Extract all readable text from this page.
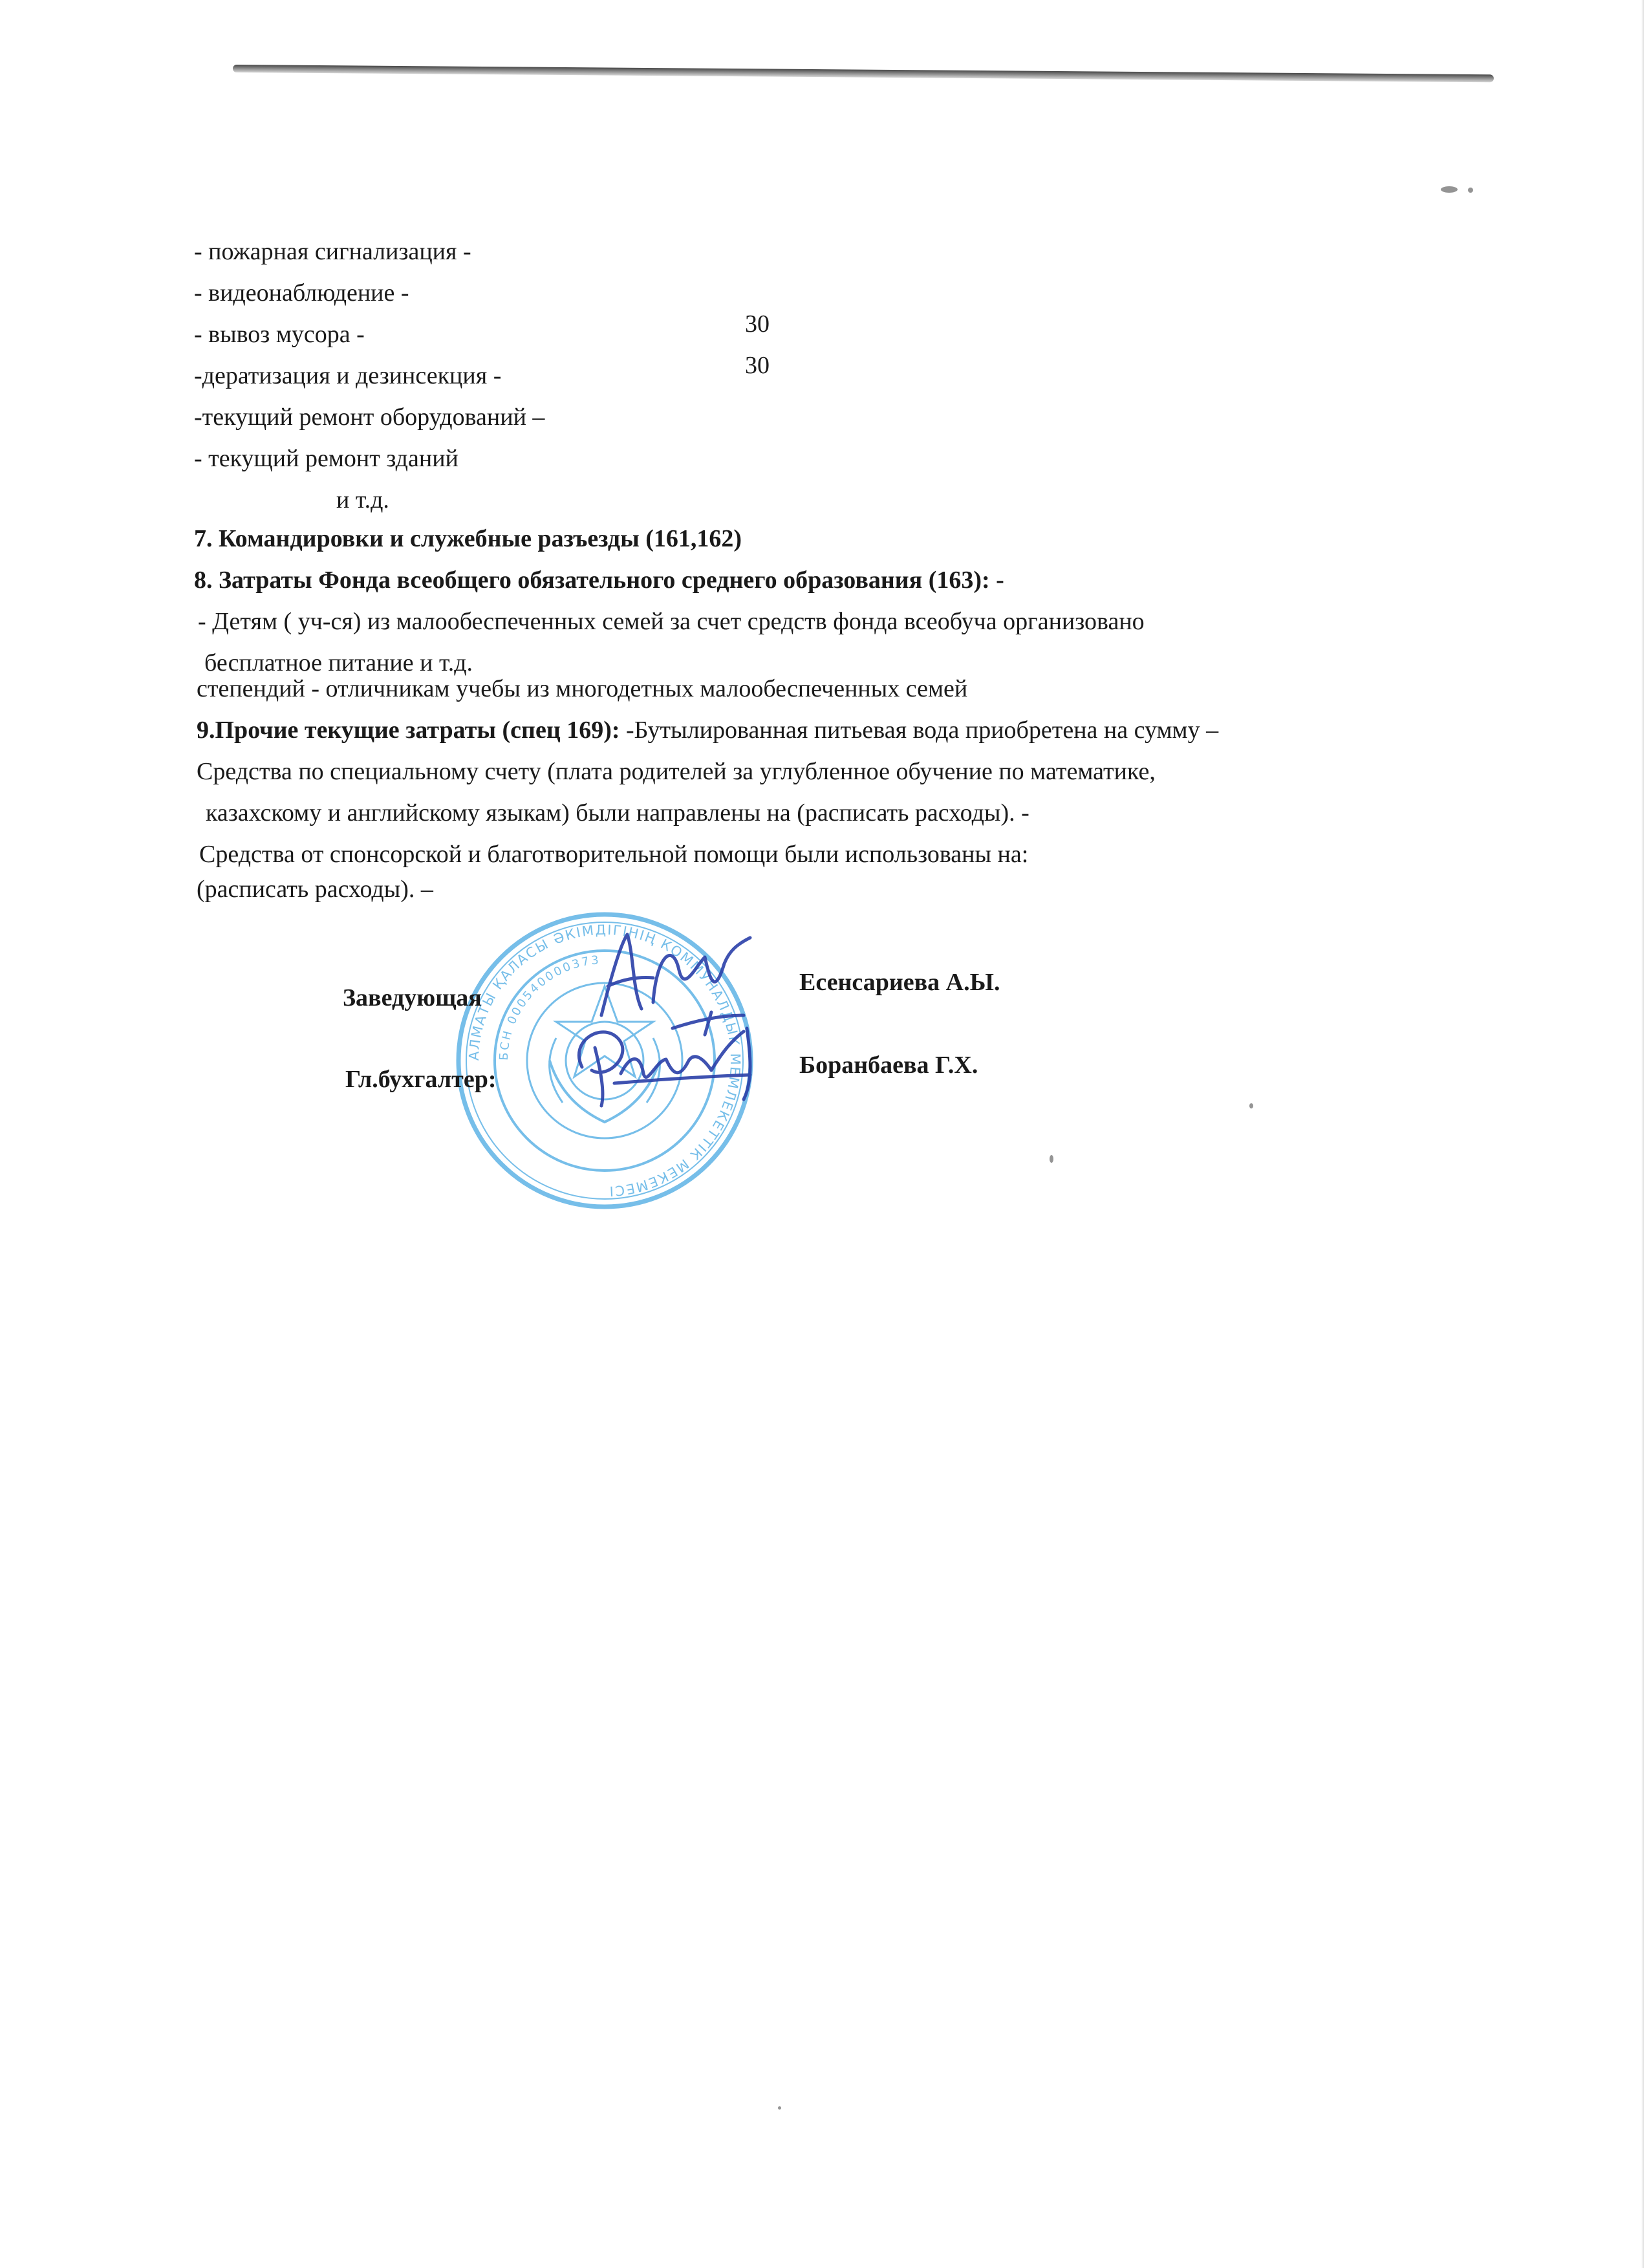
- пожарная сигнализация -
- видеонаблюдение -
- вывоз мусора -	30
-дератизация и дезинсекция -	30
-текущий ремонт оборудований –
- текущий ремонт зданий
и т.д.
7. Командировки и служебные разъезды (161,162)
8. Затраты Фонда всеобщего обязательного среднего образования (163): -
- Детям ( уч-ся) из малообеспеченных семей за счет средств фонда всеобуча организовано
бесплатное питание и т.д.
степендий - отличникам учебы из многодетных малообеспеченных семей
9.Прочие текущие затраты (спец 169): -Бутылированная питьевая вода приобретена на сумму –
Средства по специальному счету (плата родителей за углубленное обучение по математике,
казахскому и английскому языкам) были направлены на (расписать расходы). -
Средства от спонсорской и благотворительной помощи были использованы на:
(расписать расходы). –
АЛМАТЫ ҚАЛАСЫ ӘКІМДІГІНІҢ КОММУНАЛДЫҚ МЕМЛЕКЕТТІК МЕКЕМЕСІ
БСН 000540000373
Заведующая
Есенсариева А.Ы.
Гл.бухгалтер:
Боранбаева Г.Х.
